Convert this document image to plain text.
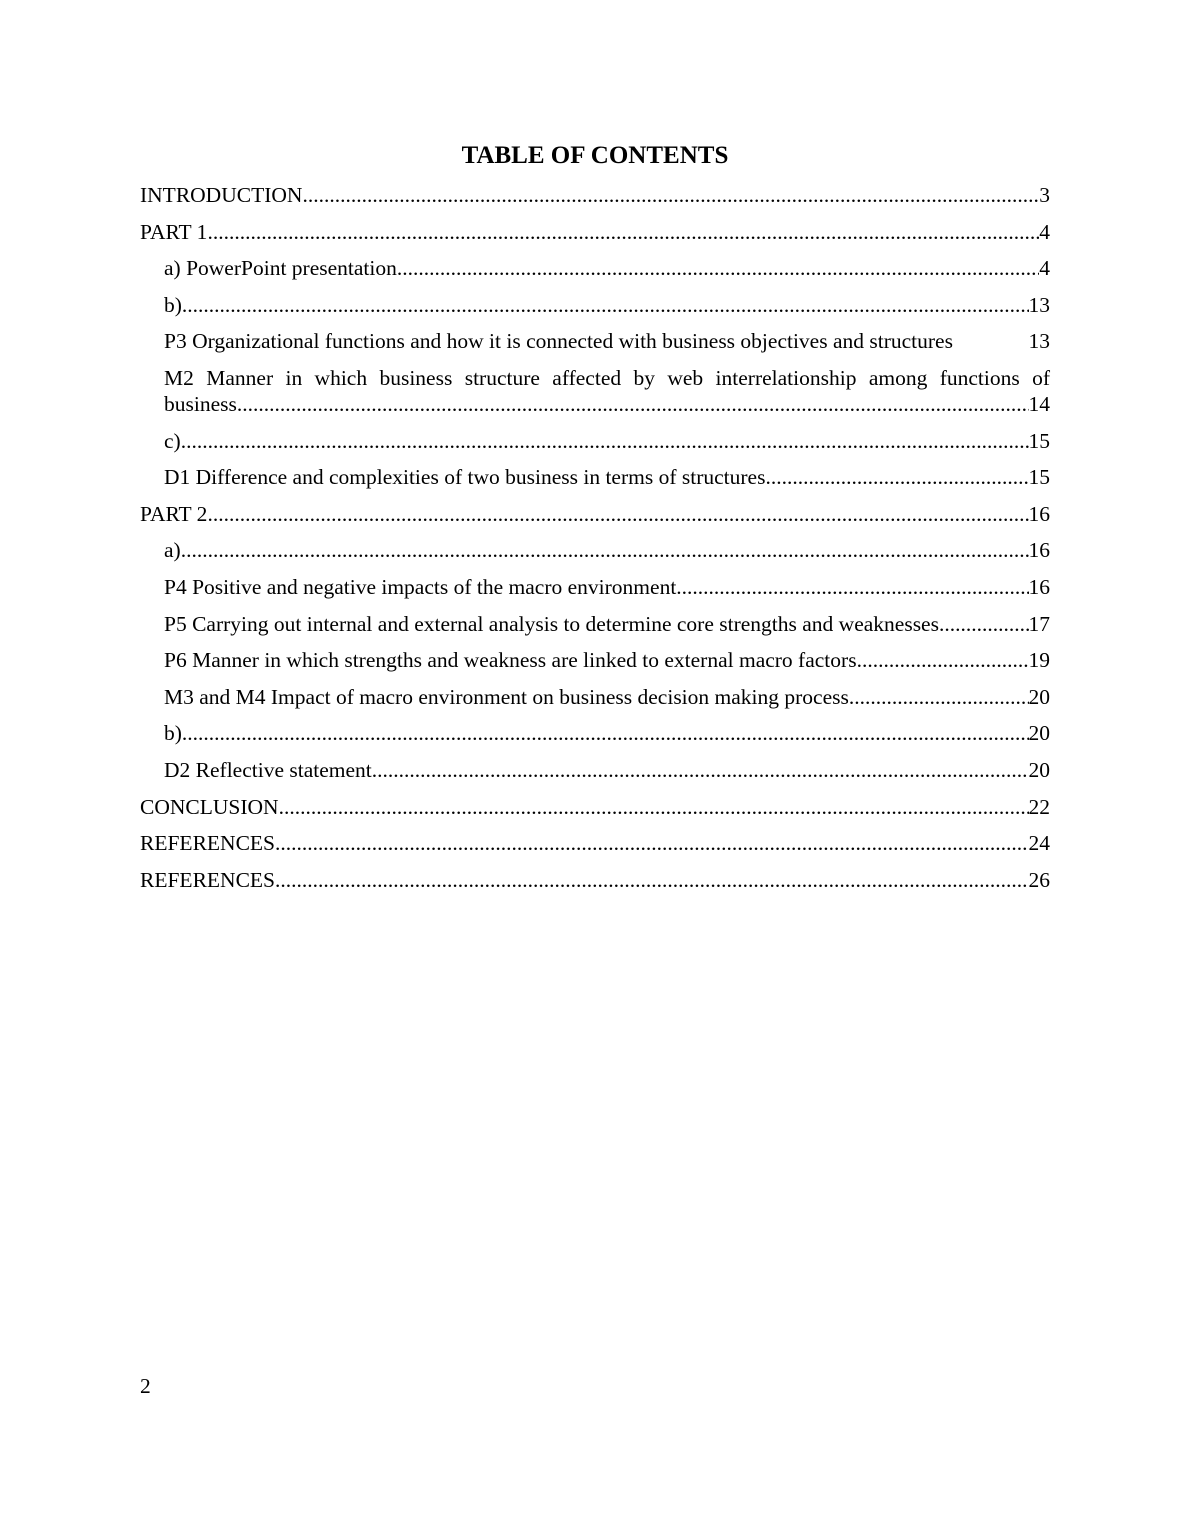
TABLE OF CONTENTS
INTRODUCTION .....	3
PART 1 .....	4
a) PowerPoint presentation .....	4
b) .....	13
P3 Organizational functions and how it is connected with business objectives and structures	13
M2 Manner in which business structure affected by web interrelationship among functions of
business .....	14
c) .....	15
D1 Difference and complexities of two business in terms of structures .....	15
PART 2 .....	16
a) .....	16
P4 Positive and negative impacts of the macro environment .....	16
P5 Carrying out internal and external analysis to determine core strengths and weaknesses .....	17
P6 Manner in which strengths and weakness are linked to external macro factors .....	19
M3 and M4 Impact of macro environment on business decision making process .....	20
b) .....	20
D2 Reflective statement .....	20
CONCLUSION .....	22
REFERENCES .....	24
REFERENCES .....	26
2
